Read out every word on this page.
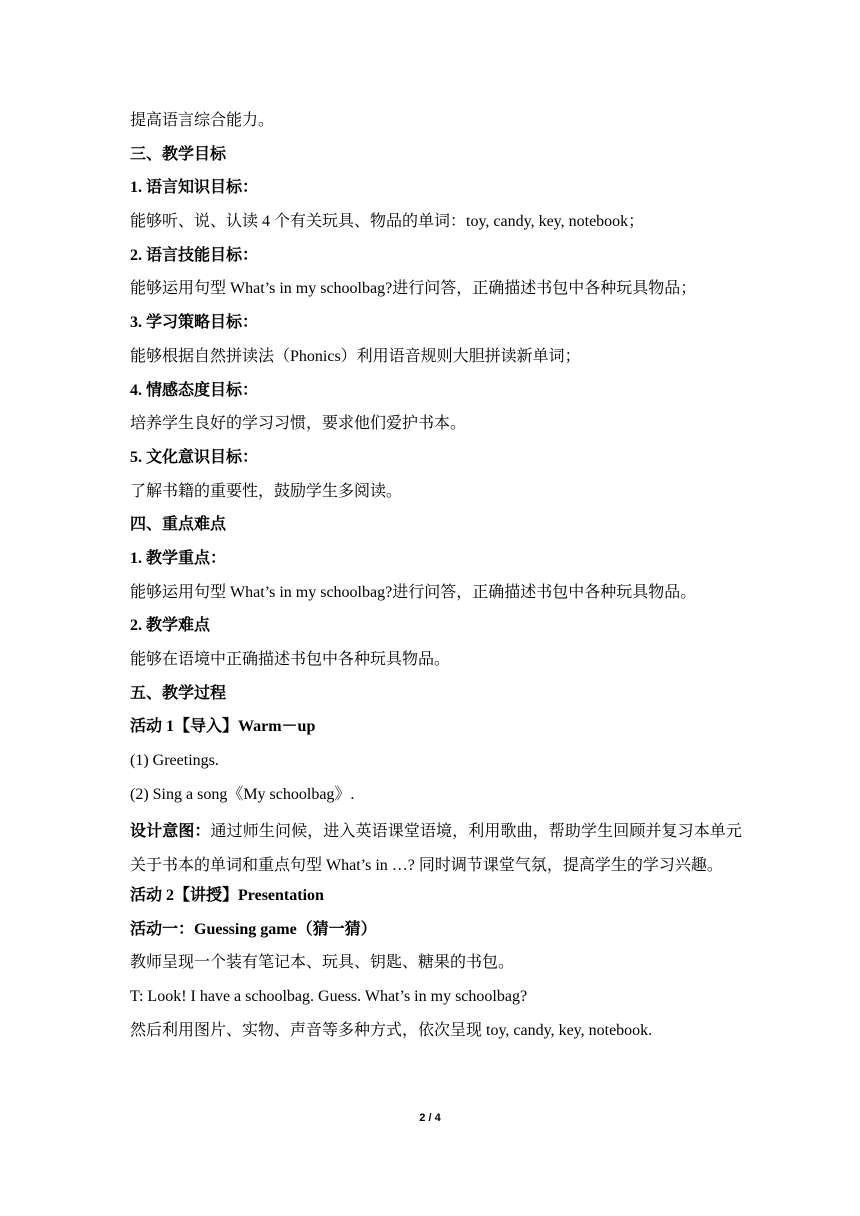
提高语言综合能力。
三、教学目标
1. 语言知识目标：
能够听、说、认读 4 个有关玩具、物品的单词：toy, candy, key, notebook；
2. 语言技能目标：
能够运用句型 What’s in my schoolbag?进行问答，正确描述书包中各种玩具物品；
3. 学习策略目标：
能够根据自然拼读法（Phonics）利用语音规则大胆拼读新单词；
4. 情感态度目标：
培养学生良好的学习习惯，要求他们爱护书本。
5. 文化意识目标：
了解书籍的重要性，鼓励学生多阅读。
四、重点难点
1. 教学重点：
能够运用句型 What’s in my schoolbag?进行问答，正确描述书包中各种玩具物品。
2. 教学难点
能够在语境中正确描述书包中各种玩具物品。
五、教学过程
活动 1【导入】Warm－up
(1) Greetings.
(2) Sing a song《My schoolbag》.
设计意图：通过师生问候，进入英语课堂语境，利用歌曲，帮助学生回顾并复习本单元关于书本的单词和重点句型 What’s in …? 同时调节课堂气氛，提高学生的学习兴趣。
活动 2【讲授】Presentation
活动一：Guessing game（猜一猜）
教师呈现一个装有笔记本、玩具、钥匙、糖果的书包。
T: Look! I have a schoolbag. Guess. What’s in my schoolbag?
然后利用图片、实物、声音等多种方式，依次呈现 toy, candy, key, notebook.
2 / 4
